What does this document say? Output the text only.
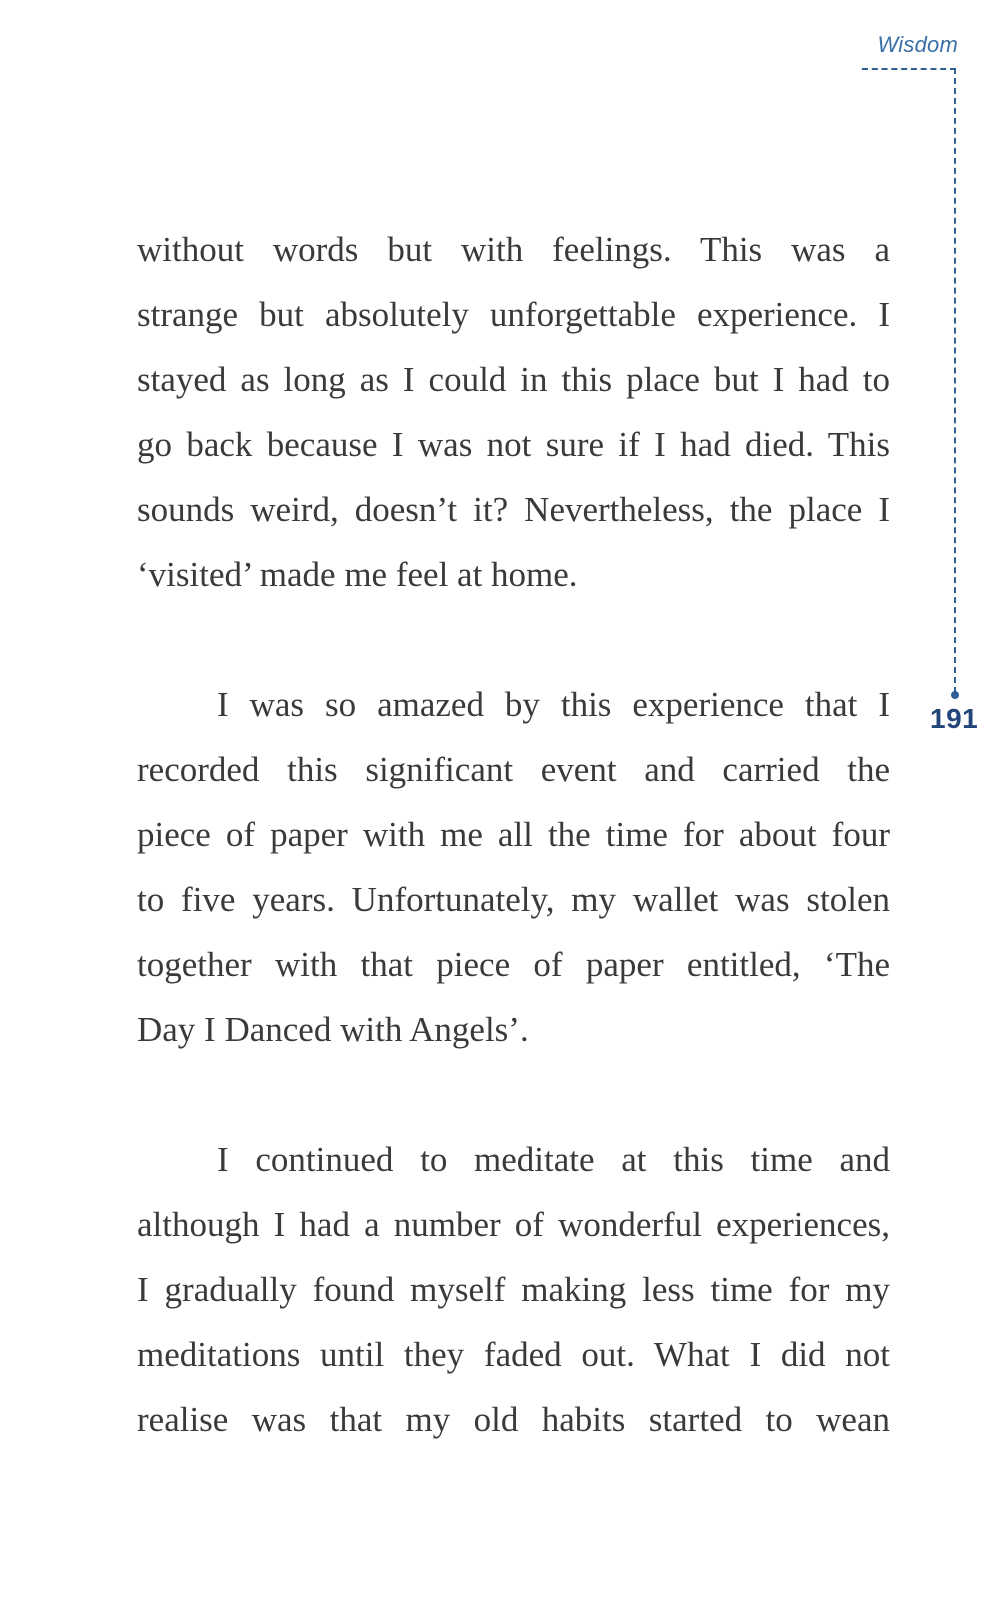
Wisdom
191

without words but with feelings. This was a
strange but absolutely unforgettable experience. I
stayed as long as I could in this place but I had to
go back because I was not sure if I had died. This
sounds weird, doesn’t it? Nevertheless, the place I
‘visited’ made me feel at home.

I was so amazed by this experience that I
recorded this significant event and carried the
piece of paper with me all the time for about four
to five years. Unfortunately, my wallet was stolen
together with that piece of paper entitled, ‘The
Day I Danced with Angels’.

I continued to meditate at this time and
although I had a number of wonderful experiences,
I gradually found myself making less time for my
meditations until they faded out. What I did not
realise was that my old habits started to wean
